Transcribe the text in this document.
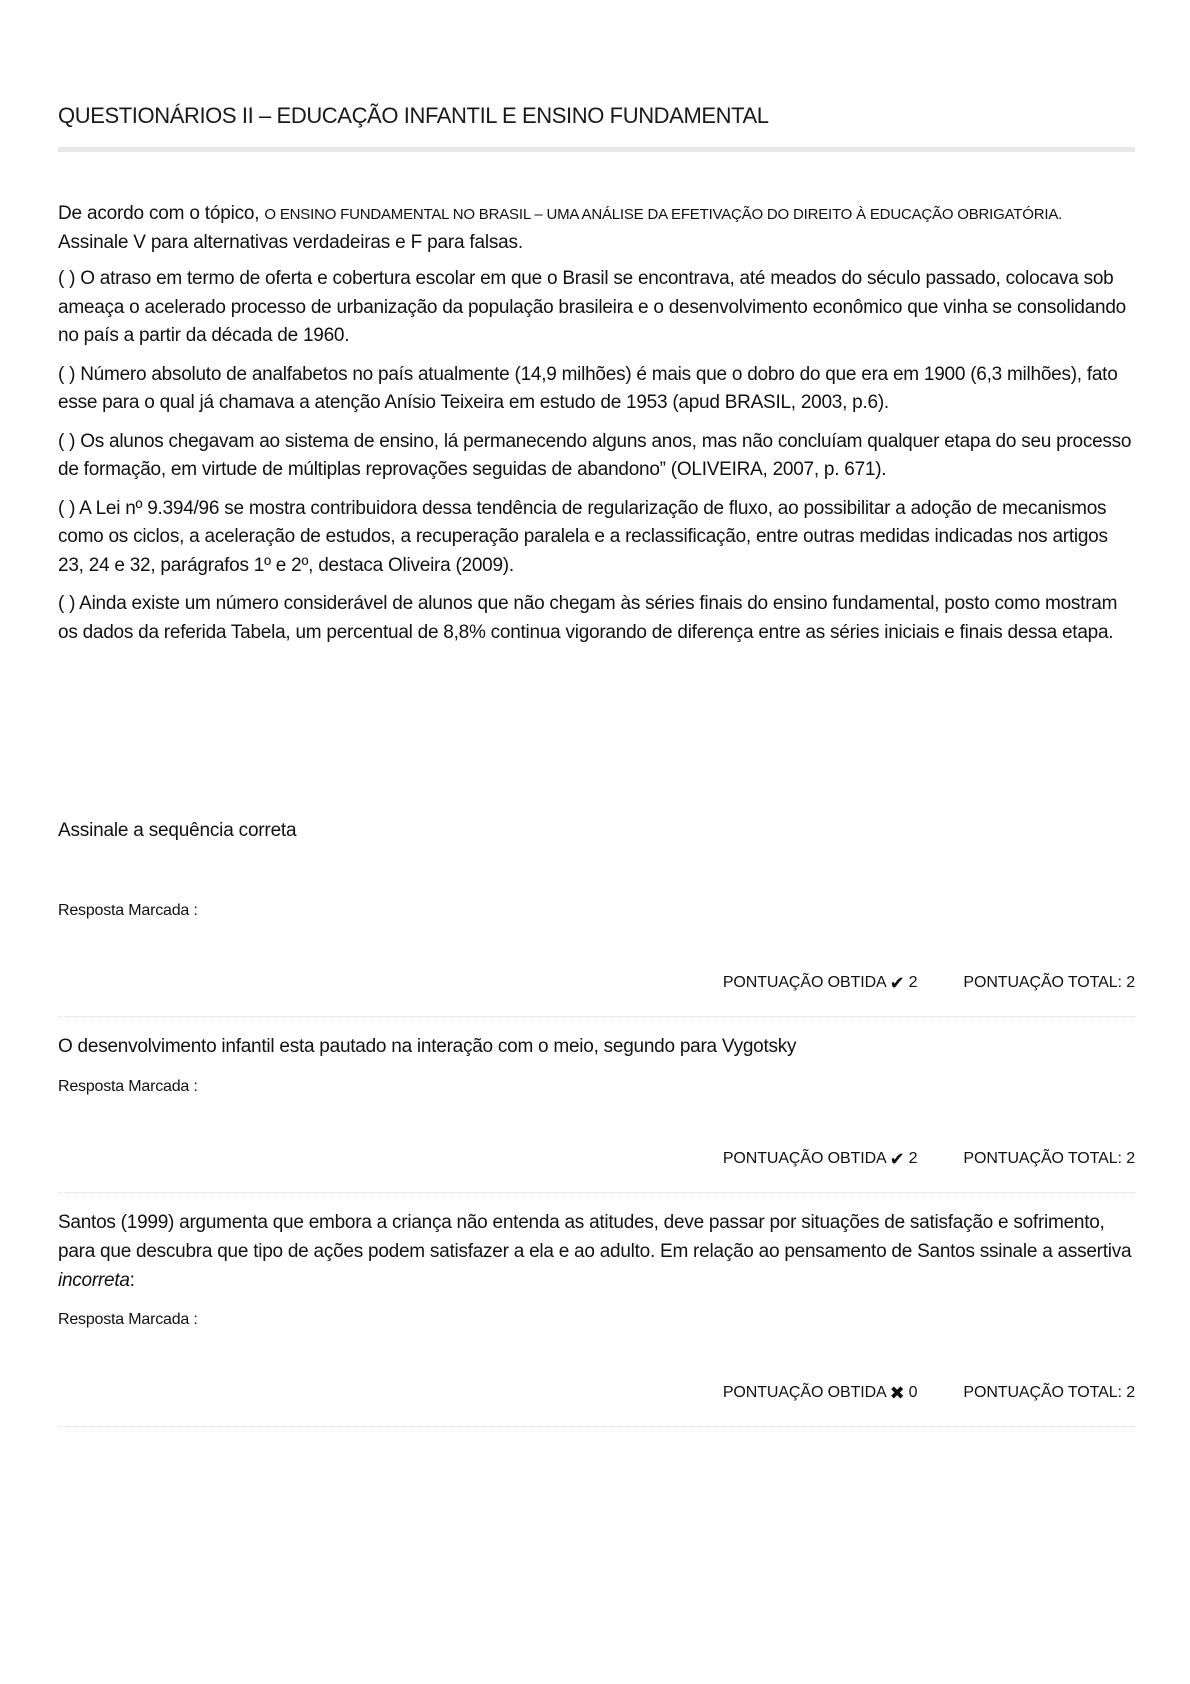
QUESTIONÁRIOS II – EDUCAÇÃO INFANTIL E ENSINO FUNDAMENTAL

De acordo com o tópico, O ENSINO FUNDAMENTAL NO BRASIL – UMA ANÁLISE DA EFETIVAÇÃO DO DIREITO À EDUCAÇÃO OBRIGATÓRIA.Assinale V para alternativas verdadeiras e F para falsas.

( ) O atraso em termo de oferta e cobertura escolar em que o Brasil se encontrava, até meados do século passado, colocava sob ameaça o acelerado processo de urbanização da população brasileira e o desenvolvimento econômico que vinha se consolidando no país a partir da década de 1960.

( ) Número absoluto de analfabetos no país atualmente (14,9 milhões) é mais que o dobro do que era em 1900 (6,3 milhões), fato esse para o qual já chamava a atenção Anísio Teixeira em estudo de 1953 (apud BRASIL, 2003, p.6).

( ) Os alunos chegavam ao sistema de ensino, lá permanecendo alguns anos, mas não concluíam qualquer etapa do seu processo de formação, em virtude de múltiplas reprovações seguidas de abandono” (OLIVEIRA, 2007, p. 671).

( ) A Lei nº 9.394/96 se mostra contribuidora dessa tendência de regularização de fluxo, ao possibilitar a adoção de mecanismos como os ciclos, a aceleração de estudos, a recuperação paralela e a reclassificação, entre outras medidas indicadas nos artigos 23, 24 e 32, parágrafos 1º e 2º, destaca Oliveira (2009).

( ) Ainda existe um número considerável de alunos que não chegam às séries finais do ensino fundamental, posto como mostram os dados da referida Tabela, um percentual de 8,8% continua vigorando de diferença entre as séries iniciais e finais dessa etapa.

Assinale a sequência correta

Resposta Marcada :

PONTUAÇÃO OBTIDA ✔ 2	PONTUAÇÃO TOTAL: 2

O desenvolvimento infantil esta pautado na interação com o meio, segundo para Vygotsky

Resposta Marcada :

PONTUAÇÃO OBTIDA ✔ 2	PONTUAÇÃO TOTAL: 2

Santos (1999) argumenta que embora a criança não entenda as atitudes, deve passar por situações de satisfação e sofrimento, para que descubra que tipo de ações podem satisfazer a ela e ao adulto. Em relação ao pensamento de Santos ssinale a assertiva incorreta:

Resposta Marcada :

PONTUAÇÃO OBTIDA ✖ 0	PONTUAÇÃO TOTAL: 2
